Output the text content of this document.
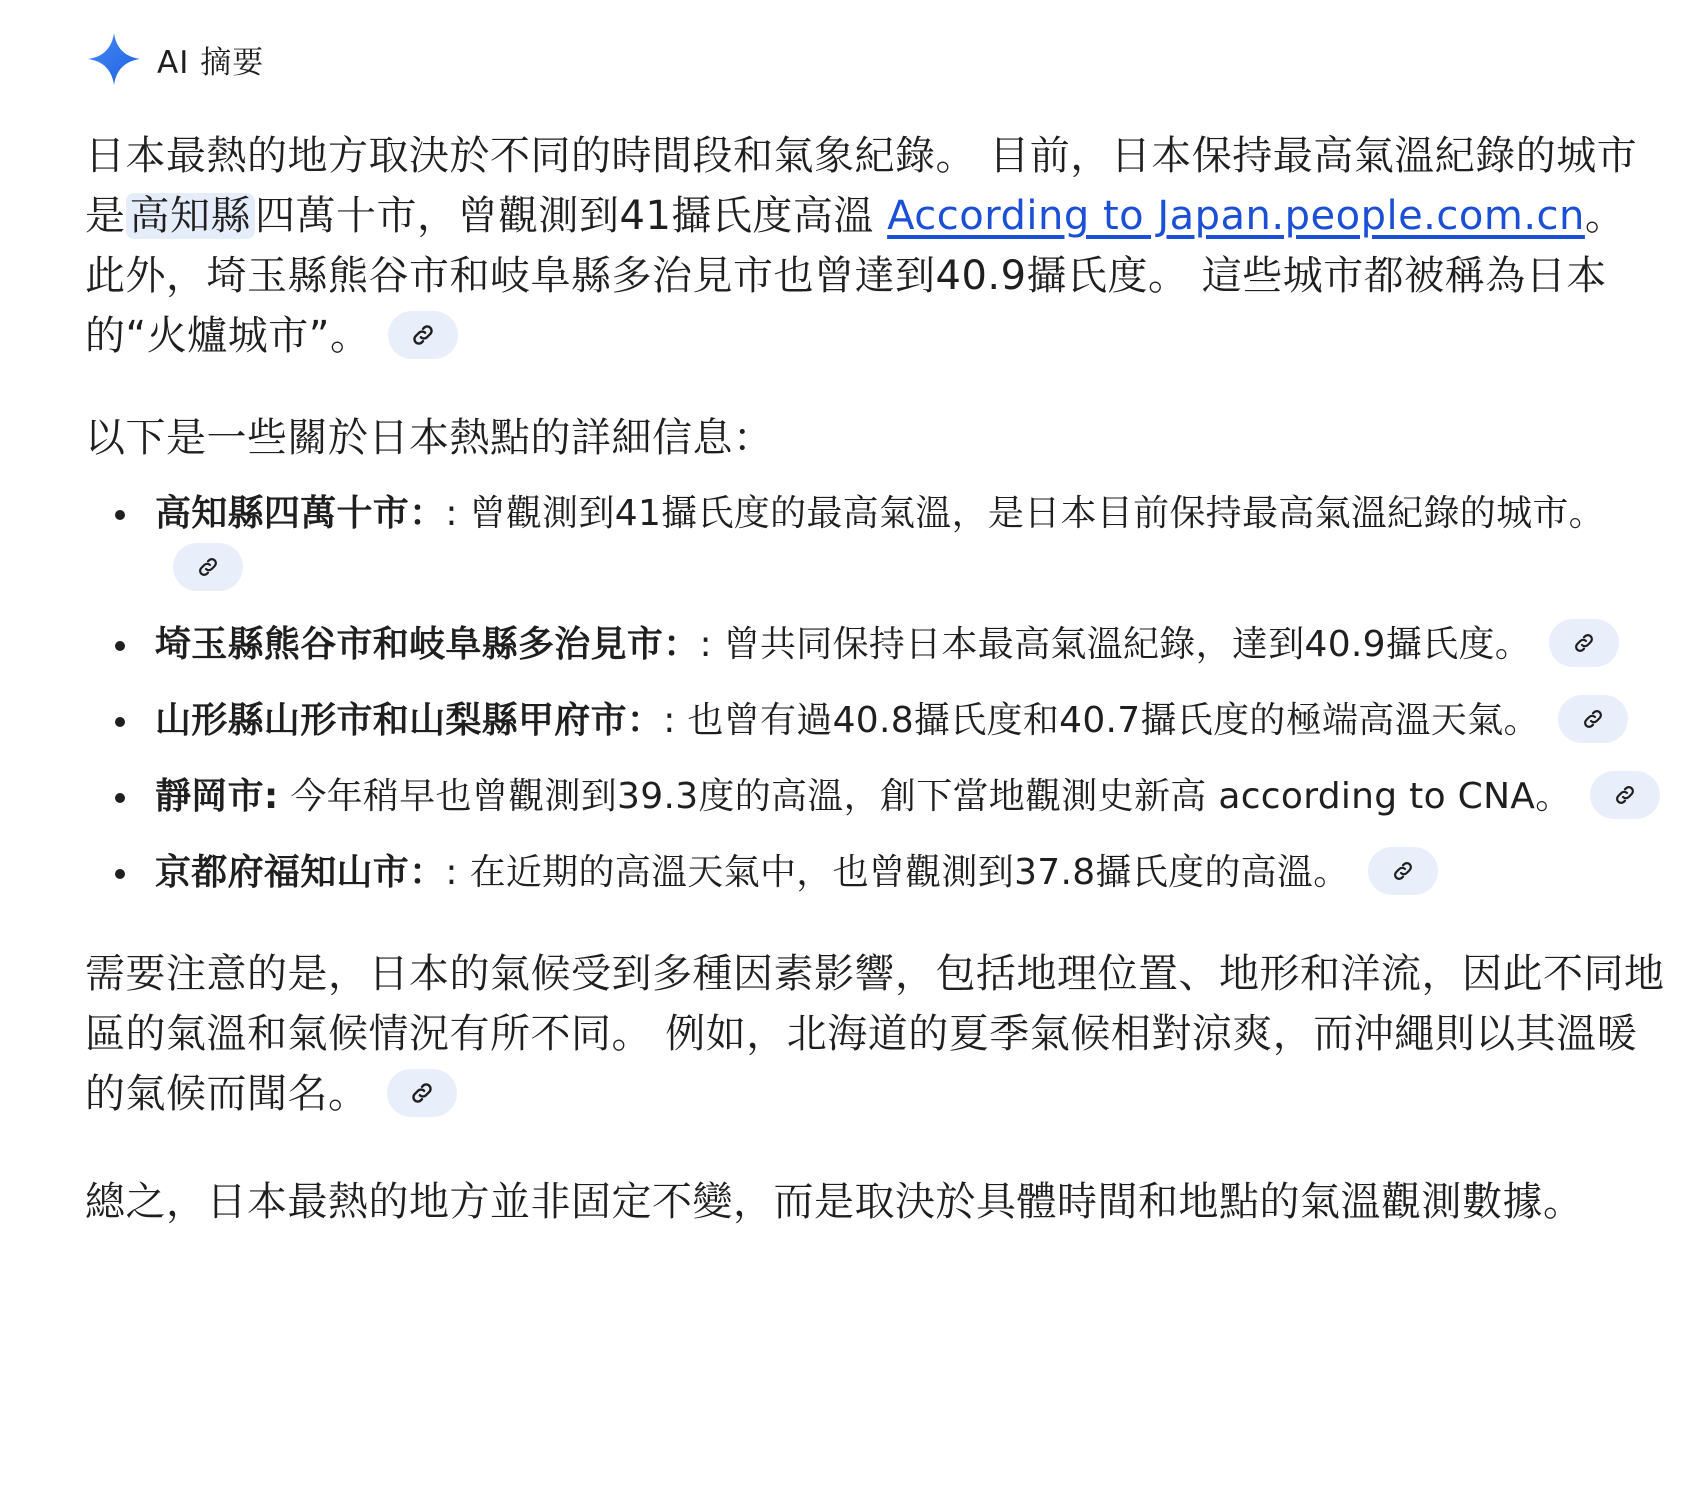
AI 摘要

日本最熱的地方取決於不同的時間段和氣象紀錄。 目前，日本保持最高氣溫紀錄的城市是 高知縣 四萬十市，曾觀測到41攝氏度高溫 According to Japan.people.com.cn。 此外，埼玉縣熊谷市和岐阜縣多治見市也曾達到40.9攝氏度。 這些城市都被稱為日本的“火爐城市”。

以下是一些關於日本熱點的詳細信息：

高知縣四萬十市：: 曾觀測到41攝氏度的最高氣溫，是日本目前保持最高氣溫紀錄的城市。
埼玉縣熊谷市和岐阜縣多治見市：: 曾共同保持日本最高氣溫紀錄，達到40.9攝氏度。
山形縣山形市和山梨縣甲府市：: 也曾有過40.8攝氏度和40.7攝氏度的極端高溫天氣。
靜岡市: 今年稍早也曾觀測到39.3度的高溫，創下當地觀測史新高 according to CNA。
京都府福知山市：: 在近期的高溫天氣中，也曾觀測到37.8攝氏度的高溫。

需要注意的是，日本的氣候受到多種因素影響，包括地理位置、地形和洋流，因此不同地區的氣溫和氣候情況有所不同。 例如，北海道的夏季氣候相對涼爽，而沖繩則以其溫暖的氣候而聞名。

總之，日本最熱的地方並非固定不變，而是取決於具體時間和地點的氣溫觀測數據。
